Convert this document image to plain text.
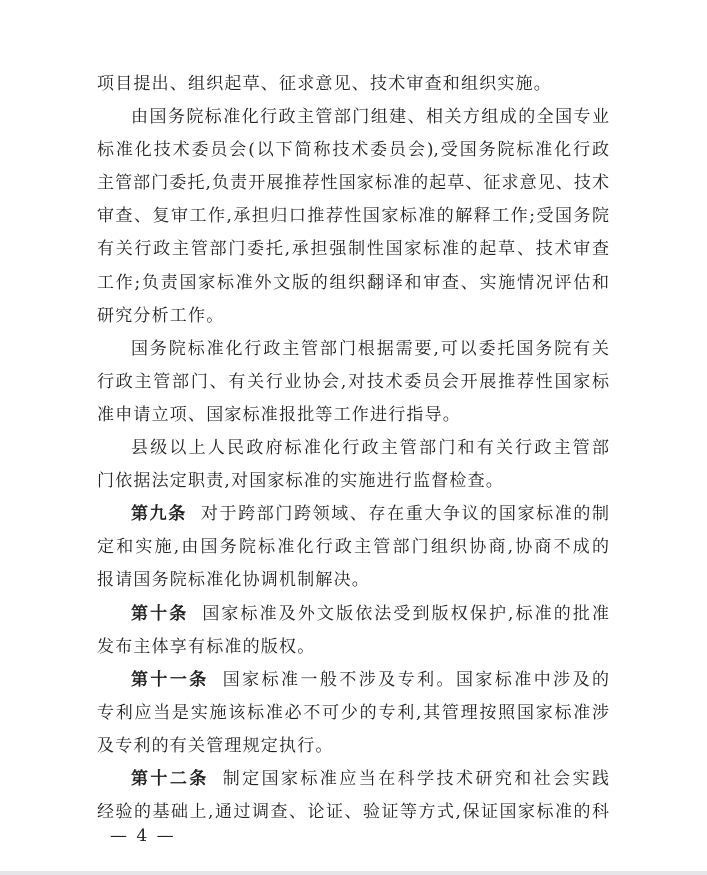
项目提出、组织起草、征求意见、技术审查和组织实施。
由国务院标准化行政主管部门组建、相关方组成的全国专业
标准化技术委员会(以下简称技术委员会),受国务院标准化行政
主管部门委托,负责开展推荐性国家标准的起草、征求意见、技术
审查、复审工作,承担归口推荐性国家标准的解释工作;受国务院
有关行政主管部门委托,承担强制性国家标准的起草、技术审查
工作;负责国家标准外文版的组织翻译和审查、实施情况评估和
研究分析工作。
国务院标准化行政主管部门根据需要,可以委托国务院有关
行政主管部门、有关行业协会,对技术委员会开展推荐性国家标
准申请立项、国家标准报批等工作进行指导。
县级以上人民政府标准化行政主管部门和有关行政主管部
门依据法定职责,对国家标准的实施进行监督检查。
第九条 对于跨部门跨领域、存在重大争议的国家标准的制
定和实施,由国务院标准化行政主管部门组织协商,协商不成的
报请国务院标准化协调机制解决。
第十条 国家标准及外文版依法受到版权保护,标准的批准
发布主体享有标准的版权。
第十一条 国家标准一般不涉及专利。国家标准中涉及的
专利应当是实施该标准必不可少的专利,其管理按照国家标准涉
及专利的有关管理规定执行。
第十二条 制定国家标准应当在科学技术研究和社会实践
经验的基础上,通过调查、论证、验证等方式,保证国家标准的科
— 4 —
